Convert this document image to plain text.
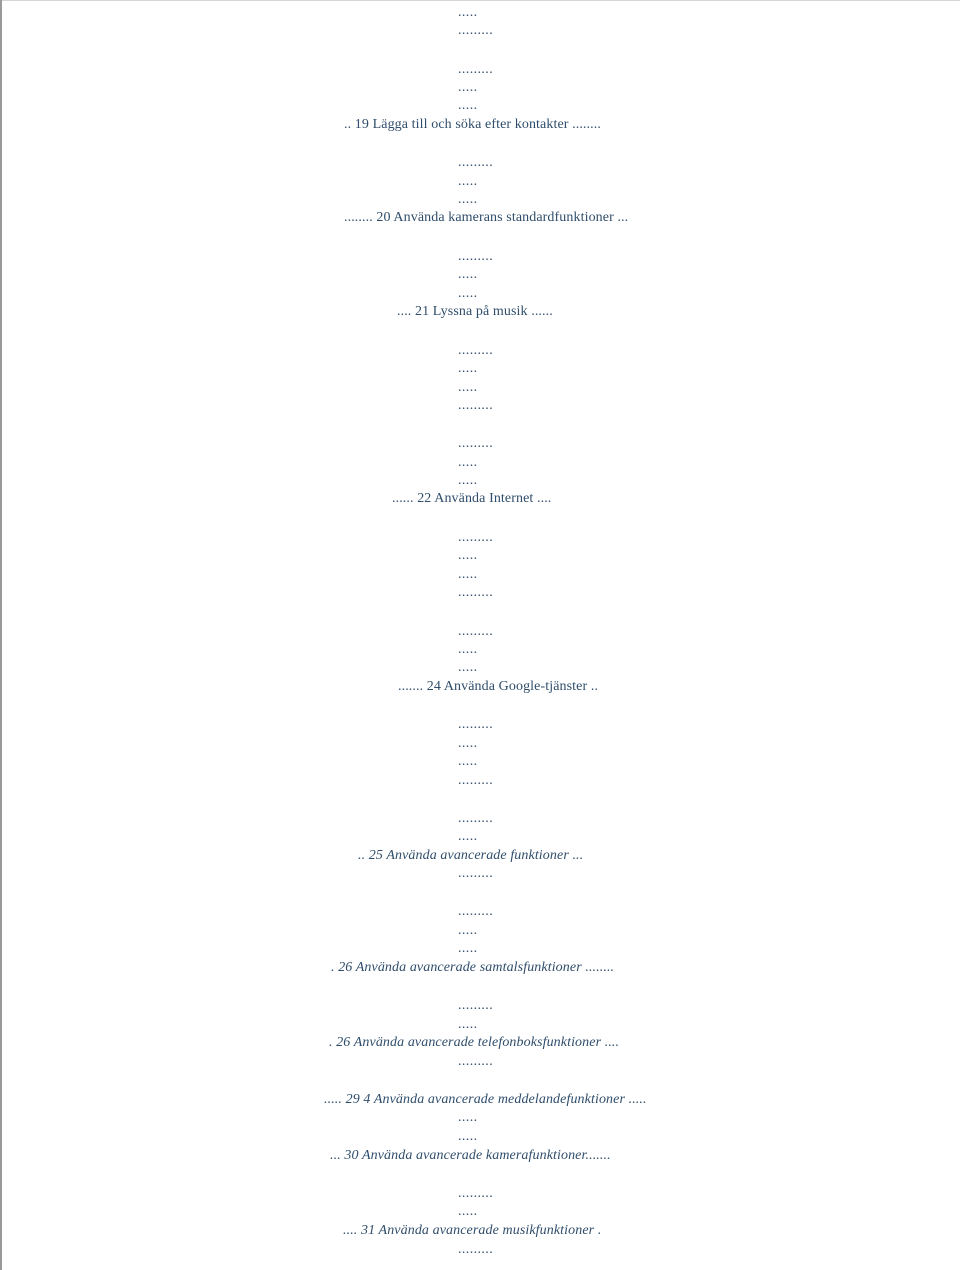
.....
.........
.........
.....
.....
.. 19 Lägga till och söka efter kontakter ........
.........
.....
.....
........ 20 Använda kamerans standardfunktioner ...
.........
.....
.....
.... 21 Lyssna på musik ......
.........
.....
.....
.........
.........
.....
.....
...... 22 Använda Internet ....
.........
.....
.....
.........
.........
.....
.....
....... 24 Använda Google-tjänster ..
.........
.....
.....
.........
.........
.....
.. 25 Använda avancerade funktioner ...
.........
.........
.....
.....
. 26 Använda avancerade samtalsfunktioner ........
.........
.....
. 26 Använda avancerade telefonboksfunktioner ....
.........
..... 29 4 Använda avancerade meddelandefunktioner .....
.....
.....
... 30 Använda avancerade kamerafunktioner.......
.........
.....
.... 31 Använda avancerade musikfunktioner .
.........
